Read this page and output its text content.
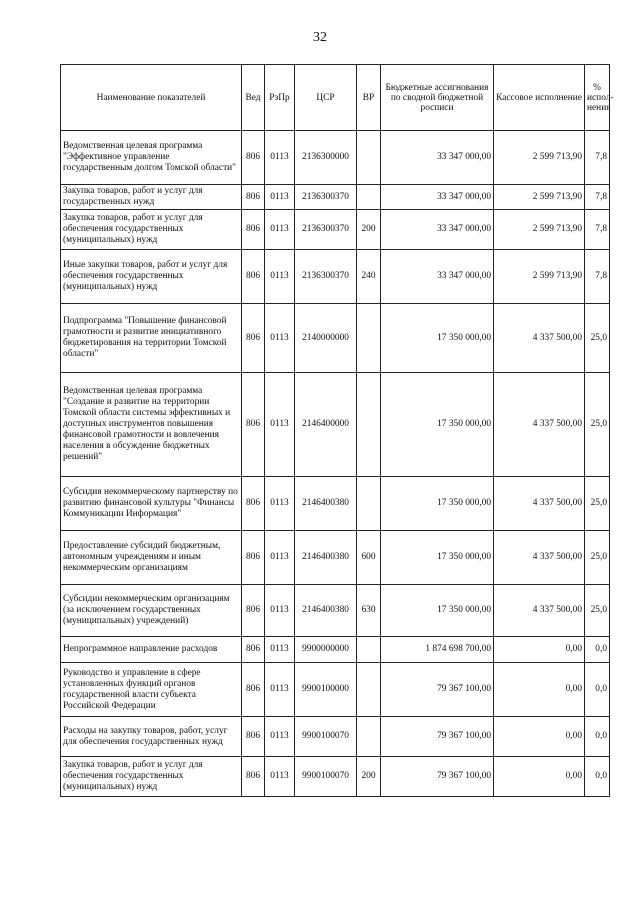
32
Наименование показателей	Вед	РзПр	ЦСР	ВР	Бюджетные ассигнования по сводной бюджетной росписи	Кассовое исполнение	% испол-нения
Ведомственная целевая программа "Эффективное управление государственным долгом Томской области"	806	0113	2136300000		33 347 000,00	2 599 713,90	7,8
Закупка товаров, работ и услуг для государственных нужд	806	0113	2136300370		33 347 000,00	2 599 713,90	7,8
Закупка товаров, работ и услуг для обеспечения государственных (муниципальных) нужд	806	0113	2136300370	200	33 347 000,00	2 599 713,90	7,8
Иные закупки товаров, работ и услуг для обеспечения государственных (муниципальных) нужд	806	0113	2136300370	240	33 347 000,00	2 599 713,90	7,8
Подпрограмма "Повышение финансовой грамотности и развитие инициативного бюджетирования на территории Томской области"	806	0113	2140000000		17 350 000,00	4 337 500,00	25,0
Ведомственная целевая программа "Создание и развитие на территории Томской области системы эффективных и доступных инструментов повышения финансовой грамотности и вовлечения населения в обсуждение бюджетных решений"	806	0113	2146400000		17 350 000,00	4 337 500,00	25,0
Субсидия некоммерческому партнерству по развитию финансовой культуры "Финансы Коммуникации Информация"	806	0113	2146400380		17 350 000,00	4 337 500,00	25,0
Предоставление субсидий бюджетным, автономным учреждениям и иным некоммерческим организациям	806	0113	2146400380	600	17 350 000,00	4 337 500,00	25,0
Субсидии некоммерческим организациям (за исключением государственных (муниципальных) учреждений)	806	0113	2146400380	630	17 350 000,00	4 337 500,00	25,0
Непрограммное направление расходов	806	0113	9900000000		1 874 698 700,00	0,00	0,0
Руководство и управление в сфере установленных функций органов государственной власти субъекта Российской Федерации	806	0113	9900100000		79 367 100,00	0,00	0,0
Расходы на закупку товаров, работ, услуг для обеспечения государственных нужд	806	0113	9900100070		79 367 100,00	0,00	0,0
Закупка товаров, работ и услуг для обеспечения государственных (муниципальных) нужд	806	0113	9900100070	200	79 367 100,00	0,00	0,0
